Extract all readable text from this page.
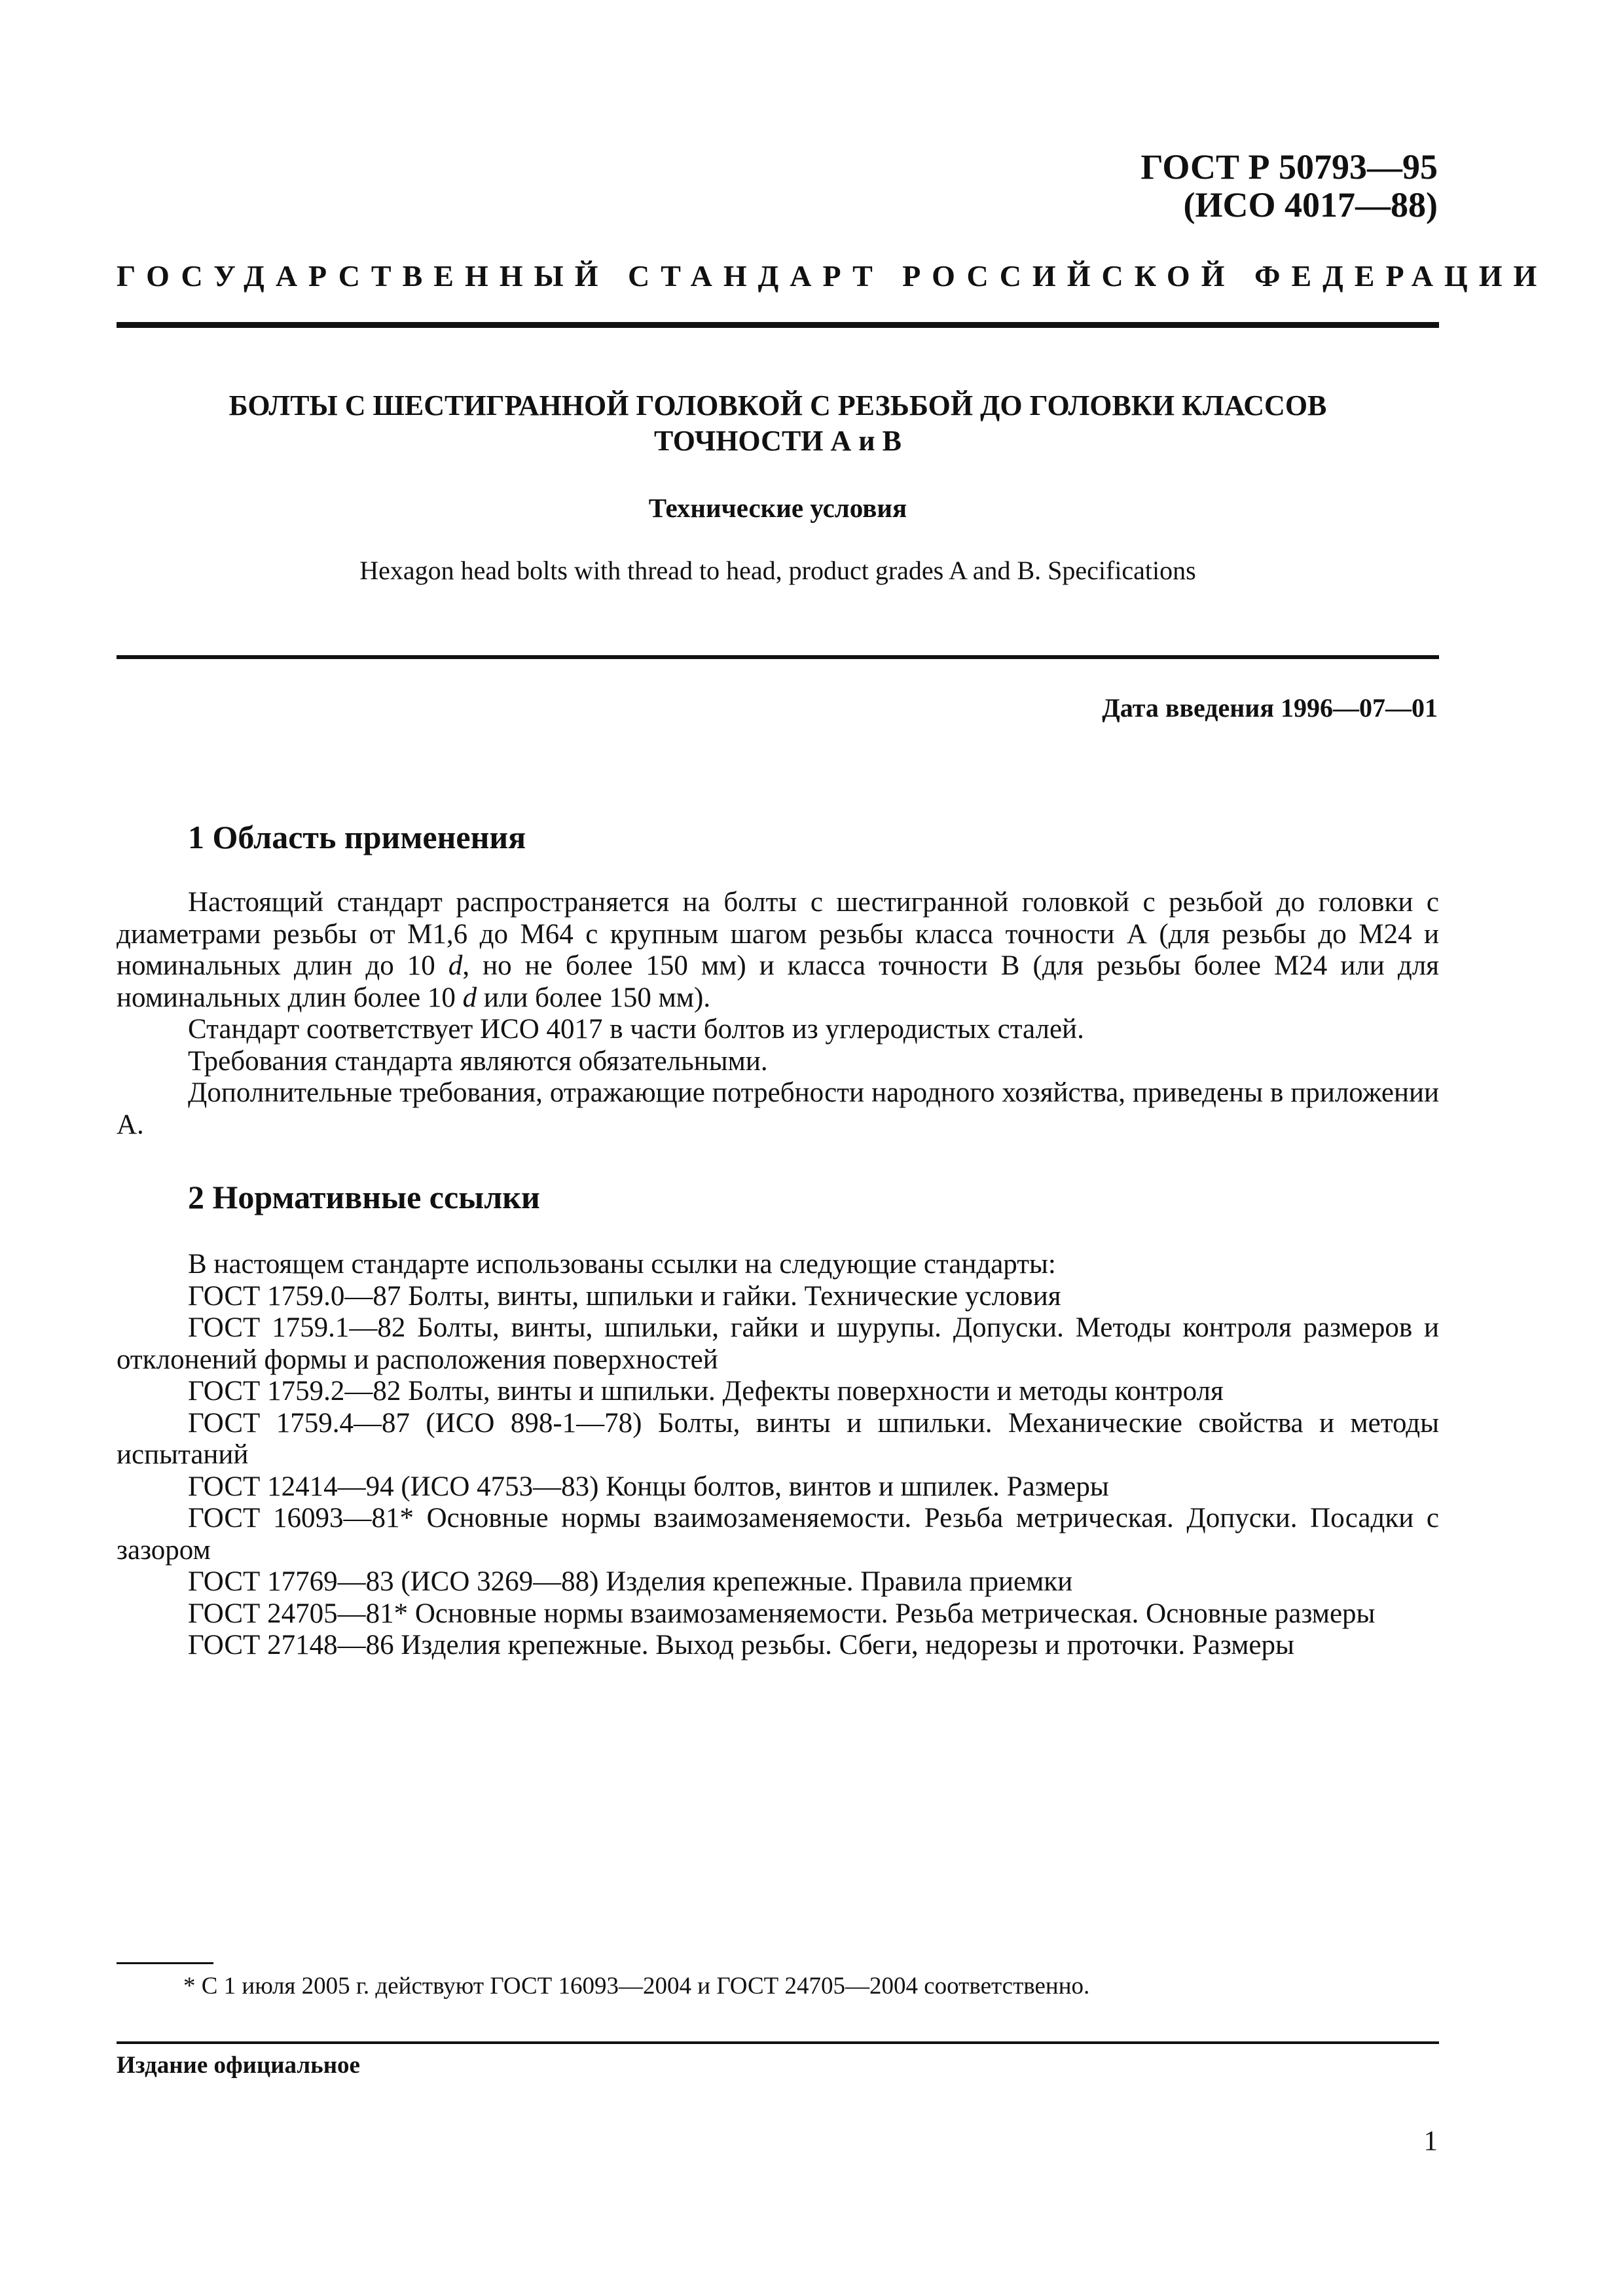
ГОСТ Р 50793—95
(ИСО 4017—88)
ГОСУДАРСТВЕННЫЙ СТАНДАРТ РОССИЙСКОЙ ФЕДЕРАЦИИ
БОЛТЫ С ШЕСТИГРАННОЙ ГОЛОВКОЙ С РЕЗЬБОЙ ДО ГОЛОВКИ КЛАССОВ
ТОЧНОСТИ А и В
Технические условия
Hexagon head bolts with thread to head, product grades A and B. Specifications
Дата введения 1996—07—01
1 Область применения

Настоящий стандарт распространяется на болты с шестигранной головкой с резьбой до головки с диаметрами резьбы от М1,6 до М64 с крупным шагом резьбы класса точности А (для резьбы до М24 и номинальных длин до 10 d, но не более 150 мм) и класса точности В (для резьбы более М24 или для номинальных длин более 10 d или более 150 мм).

Стандарт соответствует ИСО 4017 в части болтов из углеродистых сталей.

Требования стандарта являются обязательными.

Дополнительные требования, отражающие потребности народного хозяйства, приведены в приложении А.

2 Нормативные ссылки

В настоящем стандарте использованы ссылки на следующие стандарты:

ГОСТ 1759.0—87 Болты, винты, шпильки и гайки. Технические условия

ГОСТ 1759.1—82 Болты, винты, шпильки, гайки и шурупы. Допуски. Методы контроля размеров и отклонений формы и расположения поверхностей

ГОСТ 1759.2—82 Болты, винты и шпильки. Дефекты поверхности и методы контроля

ГОСТ 1759.4—87 (ИСО 898-1—78) Болты, винты и шпильки. Механические свойства и методы испытаний

ГОСТ 12414—94 (ИСО 4753—83) Концы болтов, винтов и шпилек. Размеры

ГОСТ 16093—81* Основные нормы взаимозаменяемости. Резьба метрическая. Допуски. Посадки с зазором

ГОСТ 17769—83 (ИСО 3269—88) Изделия крепежные. Правила приемки

ГОСТ 24705—81* Основные нормы взаимозаменяемости. Резьба метрическая. Основные размеры

ГОСТ 27148—86 Изделия крепежные. Выход резьбы. Сбеги, недорезы и проточки. Размеры

* С 1 июля 2005 г. действуют ГОСТ 16093—2004 и ГОСТ 24705—2004 соответственно.
Издание официальное
1
